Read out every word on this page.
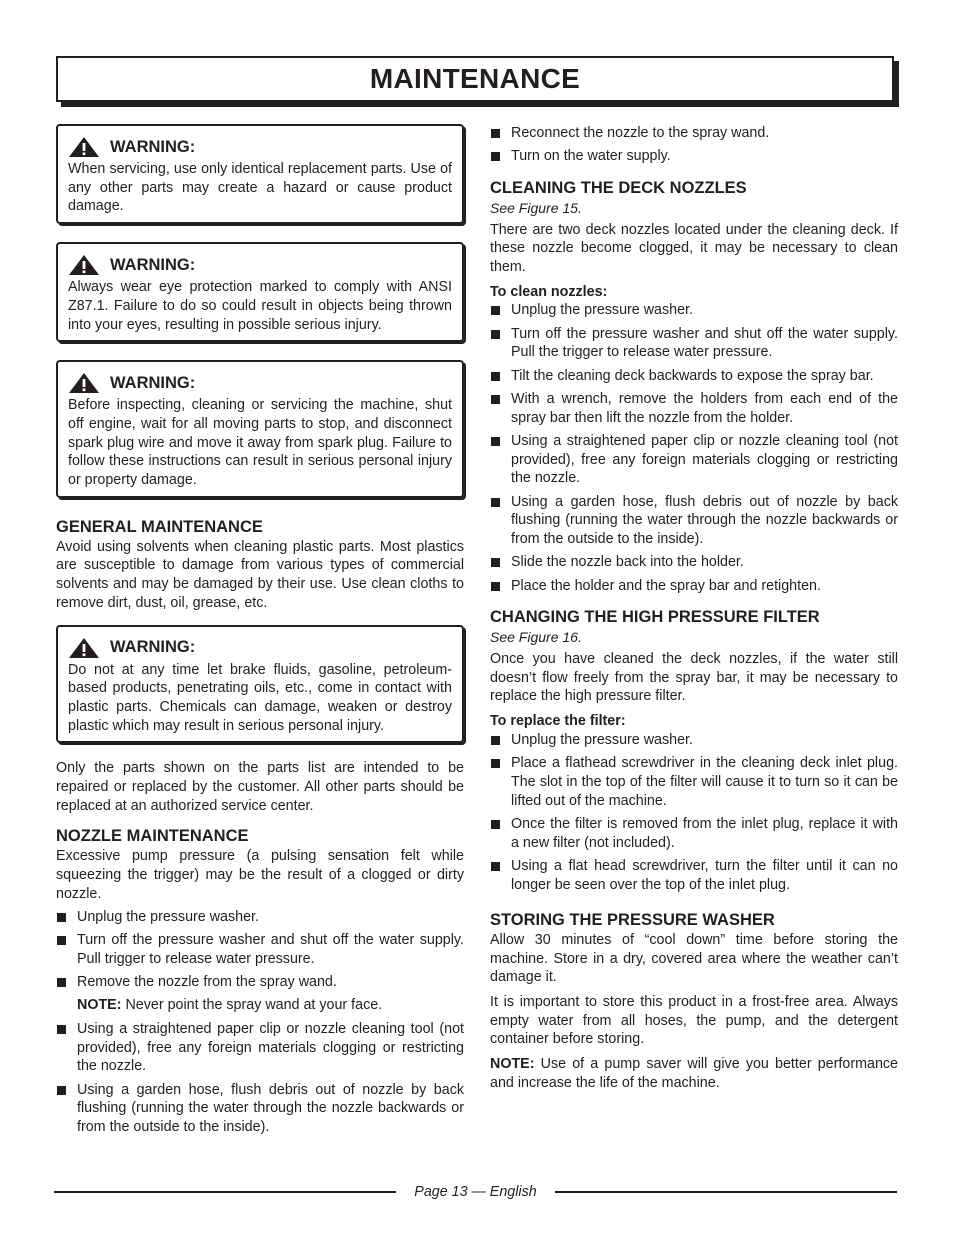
MAINTENANCE
WARNING:

When servicing, use only identical replacement parts. Use of any other parts may create a hazard or cause product damage.

WARNING:

Always wear eye protection marked to comply with ANSI Z87.1. Failure to do so could result in objects being thrown into your eyes, resulting in possible serious injury.

WARNING:

Before inspecting, cleaning or servicing the machine, shut off engine, wait for all moving parts to stop, and disconnect spark plug wire and move it away from spark plug. Failure to follow these instructions can result in serious personal injury or property damage.

GENERAL MAINTENANCE

Avoid using solvents when cleaning plastic parts. Most plastics are susceptible to damage from various types of commercial solvents and may be damaged by their use. Use clean cloths to remove dirt, dust, oil, grease, etc.

WARNING:

Do not at any time let brake fluids, gasoline, petroleum-based products, penetrating oils, etc., come in contact with plastic parts. Chemicals can damage, weaken or destroy plastic which may result in serious personal injury.

Only the parts shown on the parts list are intended to be repaired or replaced by the customer. All other parts should be replaced at an authorized service center.

NOZZLE MAINTENANCE

Excessive pump pressure (a pulsing sensation felt while squeezing the trigger) may be the result of a clogged or dirty nozzle.

Unplug the pressure washer.
Turn off the pressure washer and shut off the water supply. Pull trigger to release water pressure.
Remove the nozzle from the spray wand.
NOTE: Never point the spray wand at your face.
Using a straightened paper clip or nozzle cleaning tool (not provided), free any foreign materials clogging or restricting the nozzle.
Using a garden hose, flush debris out of nozzle by back flushing (running the water through the nozzle backwards or from the outside to the inside).
Reconnect the nozzle to the spray wand.
Turn on the water supply.
CLEANING THE DECK NOZZLES
See Figure 15.

There are two deck nozzles located under the cleaning deck. If these nozzle become clogged, it may be necessary to clean them.

To clean nozzles:
Unplug the pressure washer.
Turn off the pressure washer and shut off the water supply. Pull the trigger to release water pressure.
Tilt the cleaning deck backwards to expose the spray bar.
With a wrench, remove the holders from each end of the spray bar then lift the nozzle from the holder.
Using a straightened paper clip or nozzle cleaning tool (not provided), free any foreign materials clogging or restricting the nozzle.
Using a garden hose, flush debris out of nozzle by back flushing (running the water through the nozzle backwards or from the outside to the inside).
Slide the nozzle back into the holder.
Place the holder and the spray bar and retighten.
CHANGING THE HIGH PRESSURE FILTER
See Figure 16.

Once you have cleaned the deck nozzles, if the water still doesn’t flow freely from the spray bar, it may be necessary to replace the high pressure filter.

To replace the filter:
Unplug the pressure washer.
Place a flathead screwdriver in the cleaning deck inlet plug. The slot in the top of the filter will cause it to turn so it can be lifted out of the machine.
Once the filter is removed from the inlet plug, replace it with a new filter (not included).
Using a flat head screwdriver, turn the filter until it can no longer be seen over the top of the inlet plug.
STORING THE PRESSURE WASHER

Allow 30 minutes of “cool down” time before storing the machine. Store in a dry, covered area where the weather can’t damage it.

It is important to store this product in a frost-free area. Always empty water from all hoses, the pump, and the detergent container before storing.

NOTE: Use of a pump saver will give you better performance and increase the life of the machine.

Page 13 — English
